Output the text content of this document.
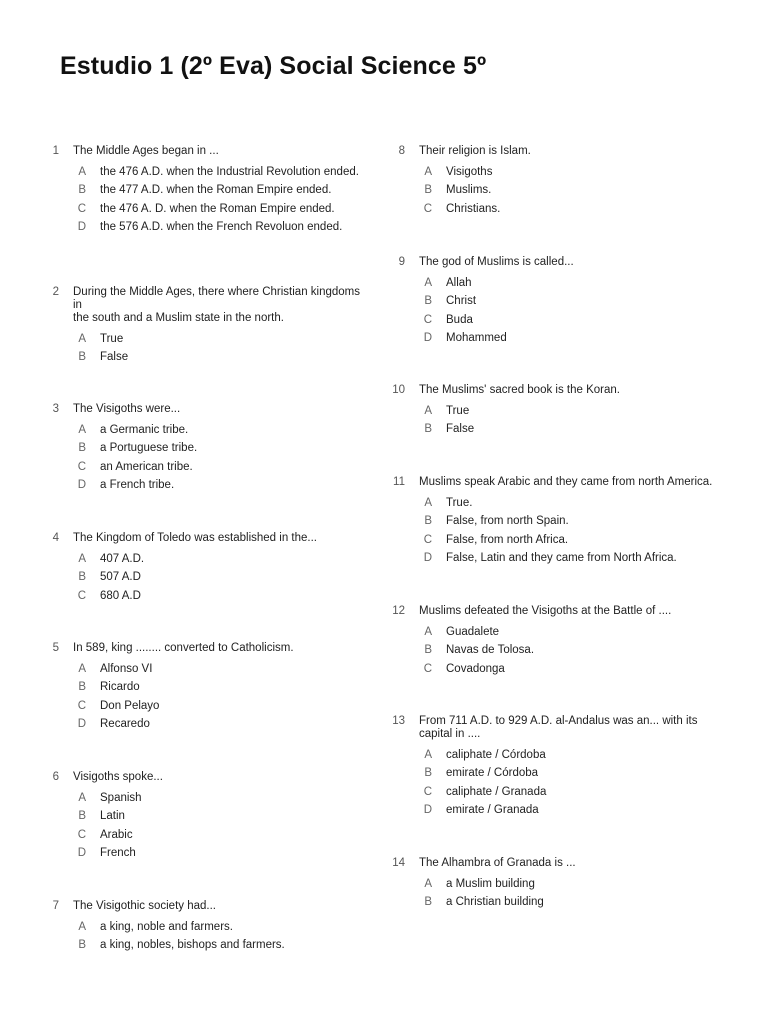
Estudio 1 (2º Eva) Social Science 5º
1 The Middle Ages began in ...
A	the 476 A.D. when the Industrial Revolution ended.
B	the 477 A.D. when the Roman Empire ended.
C	the 476 A. D. when the Roman Empire ended.
D	the 576 A.D. when the French Revoluon ended.
2 During the Middle Ages, there where Christian kingdoms in
the south and a Muslim state in the north.
A	True
B	False
3 The Visigoths were...
A	a Germanic tribe.
B	a Portuguese tribe.
C	an American tribe.
D	a French tribe.
4 The Kingdom of Toledo was established in the...
A	407 A.D.
B	507 A.D
C	680 A.D
5 In 589, king ........ converted to Catholicism.
A	Alfonso VI
B	Ricardo
C	Don Pelayo
D	Recaredo
6 Visigoths spoke...
A	Spanish
B	Latin
C	Arabic
D	French
7 The Visigothic society had...
A	a king, noble and farmers.
B	a king, nobles, bishops and farmers.
8 Their religion is Islam.
A	Visigoths
B	Muslims.
C	Christians.
9 The god of Muslims is called...
A	Allah
B	Christ
C	Buda
D	Mohammed
10 The Muslims' sacred book is the Koran.
A	True
B	False
11 Muslims speak Arabic and they came from north America.
A	True.
B	False, from north Spain.
C	False, from north Africa.
D	False, Latin and they came from North Africa.
12 Muslims defeated the Visigoths at the Battle of ....
A	Guadalete
B	Navas de Tolosa.
C	Covadonga
13 From 711 A.D. to 929 A.D. al-Andalus was an... with its capital in ....
A	caliphate / Córdoba
B	emirate / Córdoba
C	caliphate / Granada
D	emirate / Granada
14 The Alhambra of Granada is ...
A	a Muslim building
B	a Christian building
